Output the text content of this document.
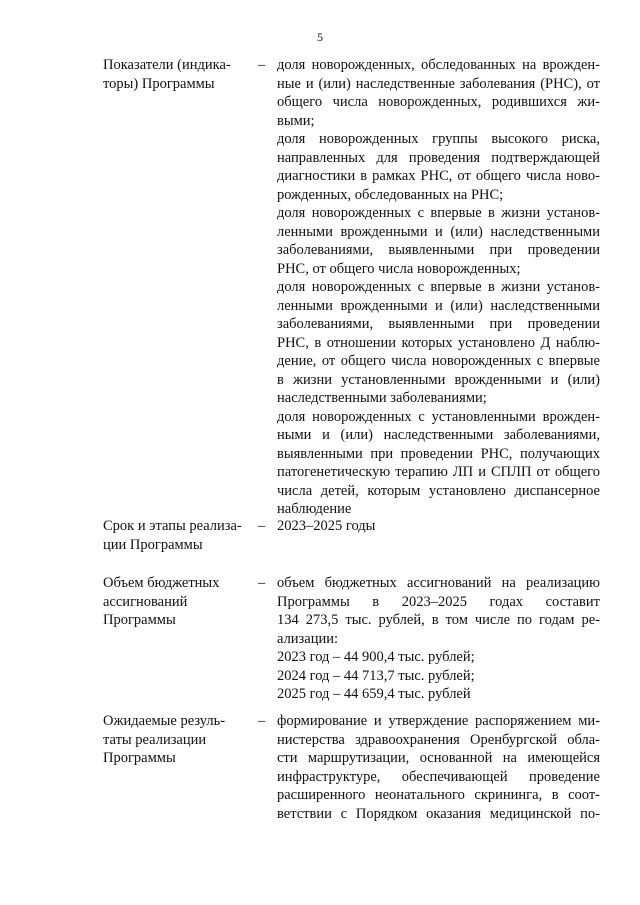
5
Показатели (индика-
торы) Программы
– доля новорожденных, обследованных на врожден-
ные и (или) наследственные заболевания (РНС), от
общего числа новорожденных, родившихся жи-
выми;
доля новорожденных группы высокого риска,
направленных для проведения подтверждающей
диагностики в рамках РНС, от общего числа ново-
рожденных, обследованных на РНС;
доля новорожденных с впервые в жизни установ-
ленными врожденными и (или) наследственными
заболеваниями, выявленными при проведении
РНС, от общего числа новорожденных;
доля новорожденных с впервые в жизни установ-
ленными врожденными и (или) наследственными
заболеваниями, выявленными при проведении
РНС, в отношении которых установлено Д наблю-
дение, от общего числа новорожденных с впервые
в жизни установленными врожденными и (или)
наследственными заболеваниями;
доля новорожденных с установленными врожден-
ными и (или) наследственными заболеваниями,
выявленными при проведении РНС, получающих
патогенетическую терапию ЛП и СПЛП от общего
числа детей, которым установлено диспансерное
наблюдение
Срок и этапы реализа-
ции Программы
– 2023–2025 годы
Объем бюджетных
ассигнований
Программы
– объем бюджетных ассигнований на реализацию
Программы в 2023–2025 годах составит
134 273,5 тыс. рублей, в том числе по годам ре-
ализации:
2023 год – 44 900,4 тыс. рублей;
2024 год – 44 713,7 тыс. рублей;
2025 год – 44 659,4 тыс. рублей
Ожидаемые резуль-
таты реализации
Программы
– формирование и утверждение распоряжением ми-
нистерства здравоохранения Оренбургской обла-
сти маршрутизации, основанной на имеющейся
инфраструктуре, обеспечивающей проведение
расширенного неонатального скрининга, в соот-
ветствии с Порядком оказания медицинской по-
